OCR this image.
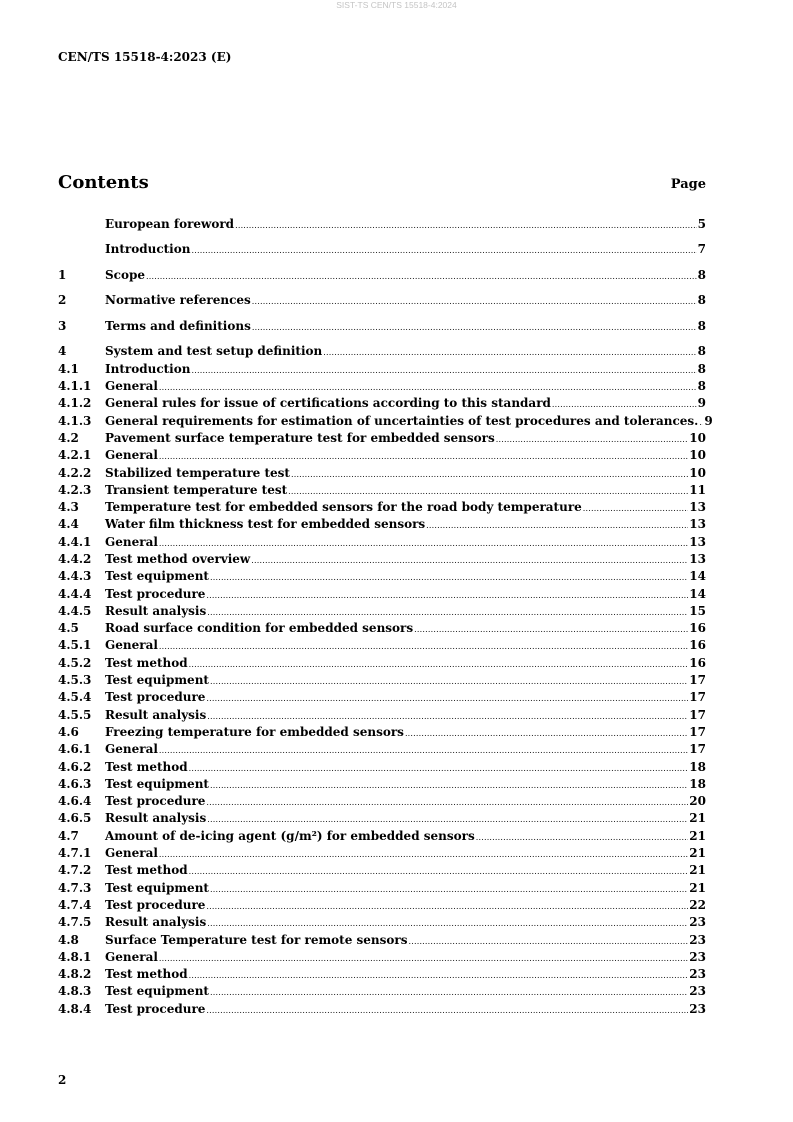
SIST-TS CEN/TS 15518-4:2024
CEN/TS 15518-4:2023 (E)
Contents	Page
European foreword .....	5
Introduction .....	7
1	Scope .....	8
2	Normative references .....	8
3	Terms and definitions .....	8
4	System and test setup definition .....	8
4.1	Introduction .....	8
4.1.1	General .....	8
4.1.2	General rules for issue of certifications according to this standard .....	9
4.1.3	General requirements for estimation of uncertainties of test procedures and tolerances. ..... 9
4.2	Pavement surface temperature test for embedded sensors .....	10
4.2.1	General .....	10
4.2.2	Stabilized temperature test .....	10
4.2.3	Transient temperature test .....	11
4.3	Temperature test for embedded sensors for the road body temperature .....	13
4.4	Water film thickness test for embedded sensors .....	13
4.4.1	General .....	13
4.4.2	Test method overview .....	13
4.4.3	Test equipment .....	14
4.4.4	Test procedure .....	14
4.4.5	Result analysis .....	15
4.5	Road surface condition for embedded sensors .....	16
4.5.1	General .....	16
4.5.2	Test method .....	16
4.5.3	Test equipment .....	17
4.5.4	Test procedure .....	17
4.5.5	Result analysis .....	17
4.6	Freezing temperature for embedded sensors .....	17
4.6.1	General .....	17
4.6.2	Test method .....	18
4.6.3	Test equipment .....	18
4.6.4	Test procedure .....	20
4.6.5	Result analysis .....	21
4.7	Amount of de-icing agent (g/m²) for embedded sensors .....	21
4.7.1	General .....	21
4.7.2	Test method .....	21
4.7.3	Test equipment .....	21
4.7.4	Test procedure .....	22
4.7.5	Result analysis .....	23
4.8	Surface Temperature test for remote sensors .....	23
4.8.1	General .....	23
4.8.2	Test method .....	23
4.8.3	Test equipment .....	23
4.8.4	Test procedure .....	23
2
